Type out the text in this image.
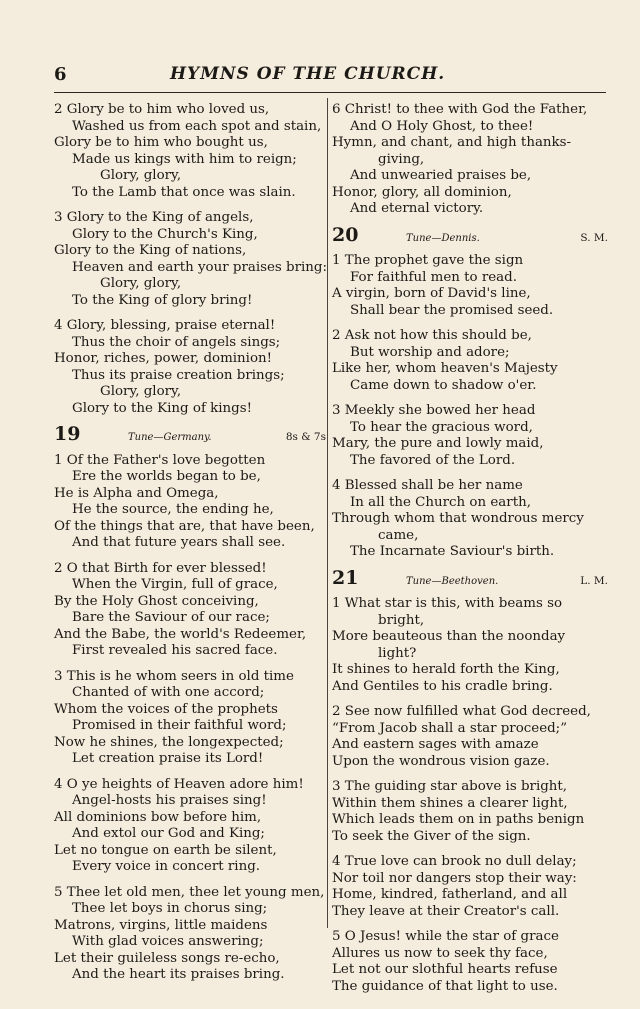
6	HYMNS OF THE CHURCH.
2 Glory be to him who loved us,
Washed us from each spot and stain,
Glory be to him who bought us,
Made us kings with him to reign;
Glory, glory,
To the Lamb that once was slain.
3 Glory to the King of angels,
Glory to the Church's King,
Glory to the King of nations,
Heaven and earth your praises bring:
Glory, glory,
To the King of glory bring!
4 Glory, blessing, praise eternal!
Thus the choir of angels sings;
Honor, riches, power, dominion!
Thus its praise creation brings;
Glory, glory,
Glory to the King of kings!
19	Tune—Germany.	8s & 7s
1 Of the Father's love begotten
Ere the worlds began to be,
He is Alpha and Omega,
He the source, the ending he,
Of the things that are, that have been,
And that future years shall see.
2 O that Birth for ever blessed!
When the Virgin, full of grace,
By the Holy Ghost conceiving,
Bare the Saviour of our race;
And the Babe, the world's Redeemer,
First revealed his sacred face.
3 This is he whom seers in old time
Chanted of with one accord;
Whom the voices of the prophets
Promised in their faithful word;
Now he shines, the longexpected;
Let creation praise its Lord!
4 O ye heights of Heaven adore him!
Angel-hosts his praises sing!
All dominions bow before him,
And extol our God and King;
Let no tongue on earth be silent,
Every voice in concert ring.
5 Thee let old men, thee let young men,
Thee let boys in chorus sing;
Matrons, virgins, little maidens
With glad voices answering;
Let their guileless songs re-echo,
And the heart its praises bring.
6 Christ! to thee with God the Father,
And O Holy Ghost, to thee!
Hymn, and chant, and high thanks-
giving,
And unwearied praises be,
Honor, glory, all dominion,
And eternal victory.
20	Tune—Dennis.	S. M.
1 The prophet gave the sign
For faithful men to read.
A virgin, born of David's line,
Shall bear the promised seed.
2 Ask not how this should be,
But worship and adore;
Like her, whom heaven's Majesty
Came down to shadow o'er.
3 Meekly she bowed her head
To hear the gracious word,
Mary, the pure and lowly maid,
The favored of the Lord.
4 Blessed shall be her name
In all the Church on earth,
Through whom that wondrous mercy
came,
The Incarnate Saviour's birth.
21	Tune—Beethoven.	L. M.
1 What star is this, with beams so
bright,
More beauteous than the noonday
light?
It shines to herald forth the King,
And Gentiles to his cradle bring.
2 See now fulfilled what God decreed,
“From Jacob shall a star proceed;”
And eastern sages with amaze
Upon the wondrous vision gaze.
3 The guiding star above is bright,
Within them shines a clearer light,
Which leads them on in paths benign
To seek the Giver of the sign.
4 True love can brook no dull delay;
Nor toil nor dangers stop their way:
Home, kindred, fatherland, and all
They leave at their Creator's call.
5 O Jesus! while the star of grace
Allures us now to seek thy face,
Let not our slothful hearts refuse
The guidance of that light to use.
